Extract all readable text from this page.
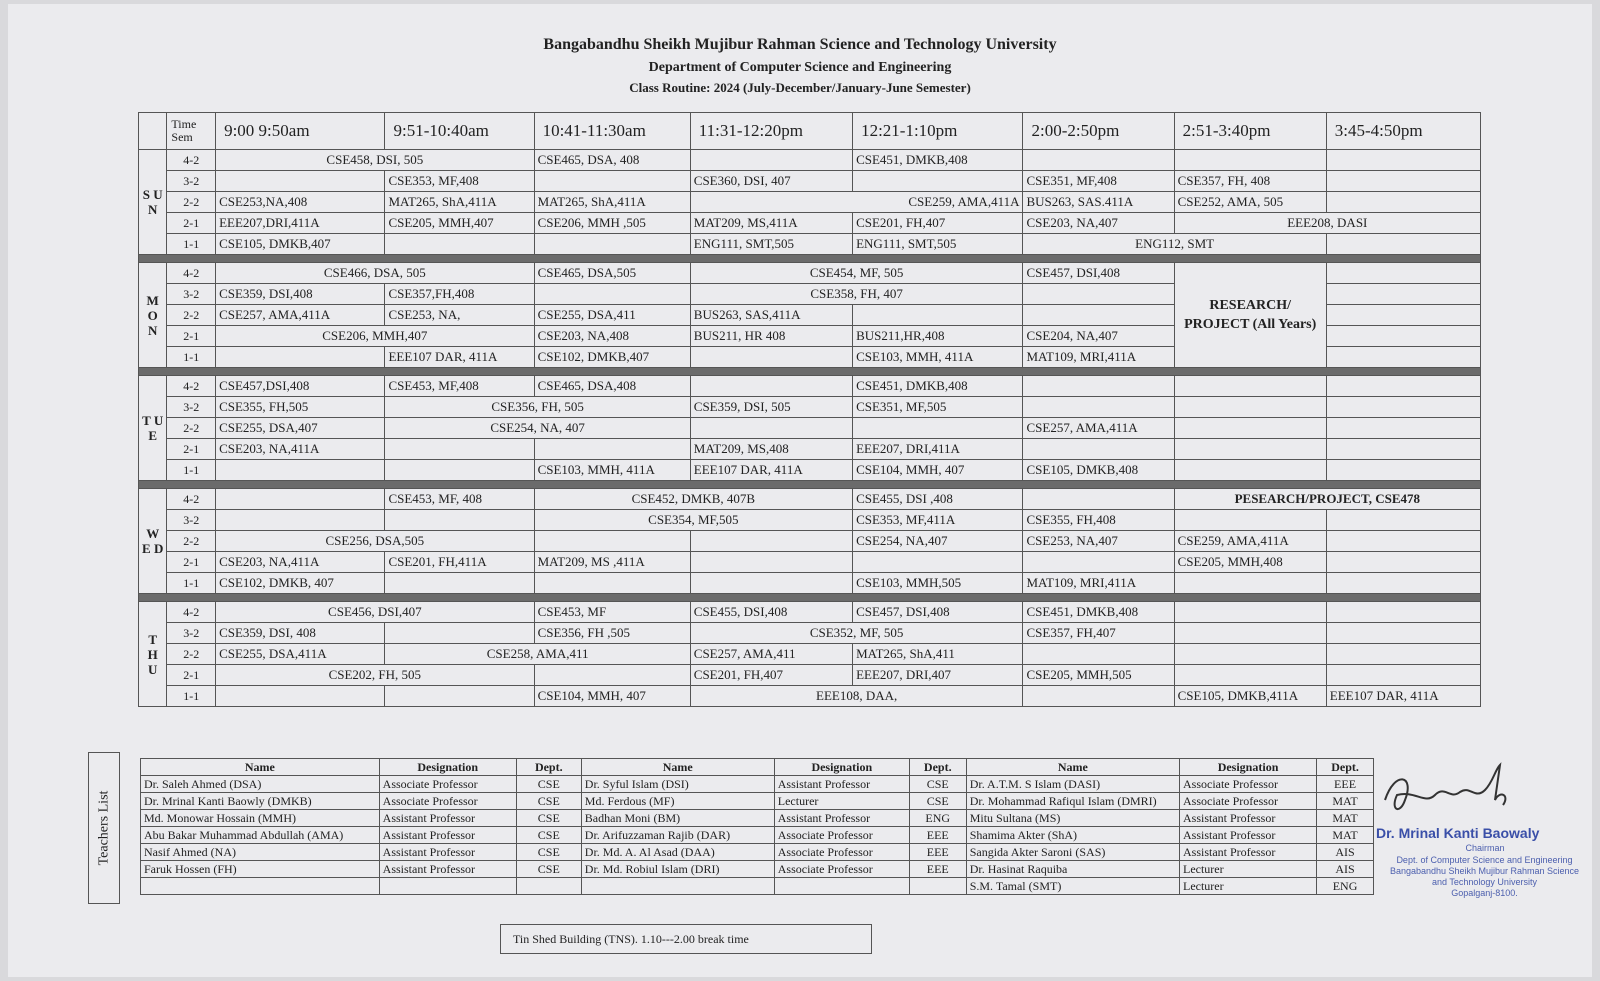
Bangabandhu Sheikh Mujibur Rahman Science and Technology University
Department of Computer Science and Engineering
Class Routine: 2024 (July-December/January-June Semester)
	Time
Sem	9:00 9:50am	9:51-10:40am	10:41-11:30am	11:31-12:20pm	12:21-1:10pm	2:00-2:50pm	2:51-3:40pm	3:45-4:50pm
S U N	4-2	CSE458, DSI, 505		CSE465, DSA, 408		CSE451, DMKB,408			
	3-2		CSE353, MF,408		CSE360, DSI, 407		CSE351, MF,408	CSE357, FH, 408	
	2-2	CSE253,NA,408	MAT265, ShA,411A	MAT265, ShA,411A	CSE259, AMA,411A		BUS263, SAS.411A	CSE252, AMA, 505	
	2-1	EEE207,DRI,411A	CSE205, MMH,407	CSE206, MMH ,505	MAT209, MS,411A	CSE201, FH,407	CSE203, NA,407	EEE208, DASI	
	1-1	CSE105, DMKB,407			ENG111, SMT,505	ENG111, SMT,505	ENG112, SMT		

M O N	4-2	CSE466, DSA, 505		CSE465, DSA,505	CSE454, MF, 505		CSE457, DSI,408	RESEARCH/ PROJECT (All Years)	
	3-2	CSE359, DSI,408	CSE357,FH,408		CSE358, FH, 407				
	2-2	CSE257, AMA,411A	CSE253, NA,	CSE255, DSA,411	BUS263, SAS,411A				
	2-1	CSE206, MMH,407		CSE203, NA,408	BUS211, HR 408	BUS211,HR,408	CSE204, NA,407		
	1-1		EEE107 DAR, 411A	CSE102, DMKB,407		CSE103, MMH, 411A	MAT109, MRI,411A		

T U E	4-2	CSE457,DSI,408	CSE453, MF,408	CSE465, DSA,408		CSE451, DMKB,408			
	3-2	CSE355, FH,505	CSE356, FH, 505		CSE359, DSI, 505	CSE351, MF,505			
	2-2	CSE255, DSA,407	CSE254, NA, 407				CSE257, AMA,411A		
	2-1	CSE203, NA,411A			MAT209, MS,408	EEE207, DRI,411A			
	1-1			CSE103, MMH, 411A	EEE107 DAR, 411A	CSE104, MMH, 407	CSE105, DMKB,408		

W E D	4-2		CSE453, MF, 408	CSE452, DMKB, 407B		CSE455, DSI ,408		PESEARCH/PROJECT, CSE478	
	3-2			CSE354, MF,505		CSE353, MF,411A	CSE355, FH,408		
	2-2	CSE256, DSA,505				CSE254, NA,407	CSE253, NA,407	CSE259, AMA,411A	
	2-1	CSE203, NA,411A	CSE201, FH,411A	MAT209, MS ,411A				CSE205, MMH,408	
	1-1	CSE102, DMKB, 407				CSE103, MMH,505	MAT109, MRI,411A		

T H U	4-2	CSE456, DSI,407		CSE453, MF	CSE455, DSI,408	CSE457, DSI,408	CSE451, DMKB,408		
	3-2	CSE359, DSI, 408		CSE356, FH ,505	CSE352, MF, 505		CSE357, FH,407		
	2-2	CSE255, DSA,411A	CSE258, AMA,411		CSE257, AMA,411	MAT265, ShA,411			
	2-1	CSE202, FH, 505			CSE201, FH,407	EEE207, DRI,407	CSE205, MMH,505		
	1-1			CSE104, MMH, 407	EEE108, DAA,			CSE105, DMKB,411A	EEE107 DAR, 411A
Teachers List
Name	Designation	Dept.	Name	Designation	Dept.	Name	Designation	Dept.
Dr. Saleh Ahmed (DSA)	Associate Professor	CSE	Dr. Syful Islam (DSI)	Assistant Professor	CSE	Dr. A.T.M. S Islam (DASI)	Associate Professor	EEE
Dr. Mrinal Kanti Baowly (DMKB)	Associate Professor	CSE	Md. Ferdous (MF)	Lecturer	CSE	Dr. Mohammad Rafiqul Islam (DMRI)	Associate Professor	MAT
Md. Monowar Hossain (MMH)	Assistant Professor	CSE	Badhan Moni (BM)	Assistant Professor	ENG	Mitu Sultana (MS)	Assistant Professor	MAT
Abu Bakar Muhammad Abdullah (AMA)	Assistant Professor	CSE	Dr. Arifuzzaman Rajib (DAR)	Associate Professor	EEE	Shamima Akter (ShA)	Assistant Professor	MAT
Nasif Ahmed (NA)	Assistant Professor	CSE	Dr. Md. A. Al Asad (DAA)	Associate Professor	EEE	Sangida Akter Saroni (SAS)	Assistant Professor	AIS
Faruk Hossen (FH)	Assistant Professor	CSE	Dr. Md. Robiul Islam (DRI)	Associate Professor	EEE	Dr. Hasinat Raquiba	Lecturer	AIS
						S.M. Tamal (SMT)	Lecturer	ENG
Dr. Mrinal Kanti Baowaly
Chairman
Dept. of Computer Science and Engineering
Bangabandhu Sheikh Mujibur Rahman Science
and Technology University
Gopalganj-8100.
Tin Shed Building (TNS). 1.10---2.00 break time
